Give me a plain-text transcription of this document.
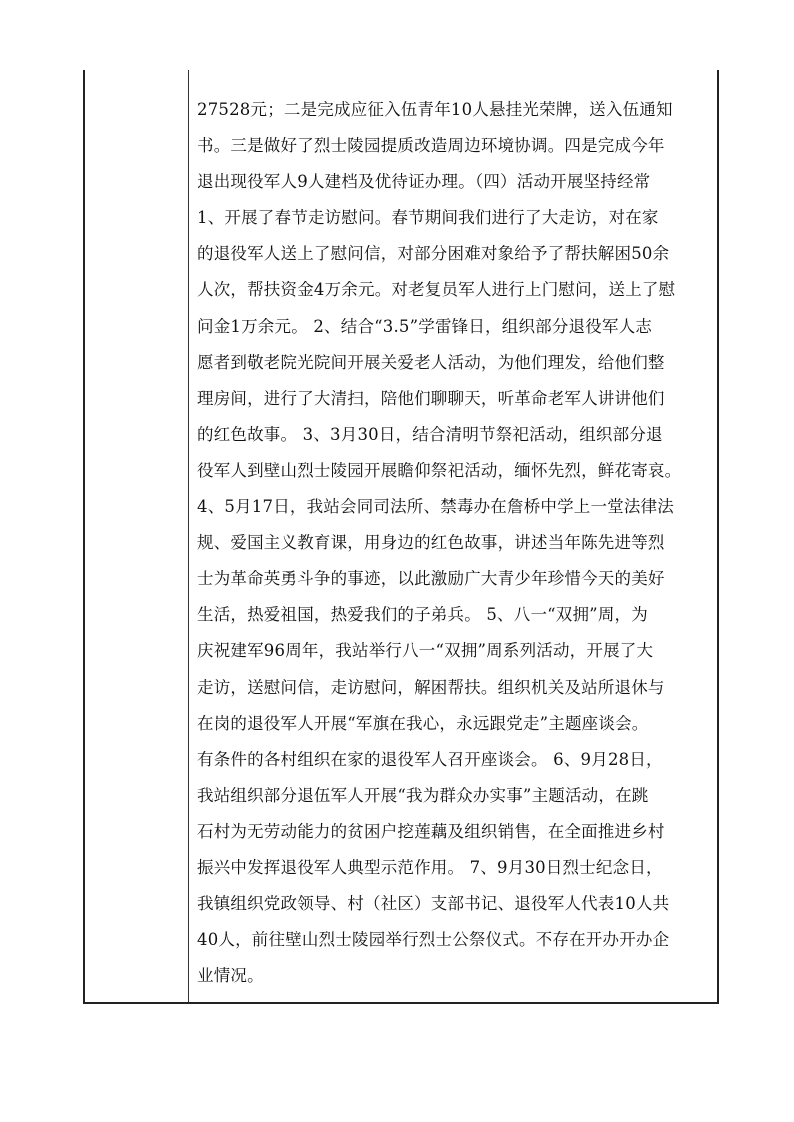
27528元；二是完成应征入伍青年10人悬挂光荣牌，送入伍通知
书。三是做好了烈士陵园提质改造周边环境协调。四是完成今年
退出现役军人9人建档及优待证办理。（四）活动开展坚持经常
1、开展了春节走访慰问。春节期间我们进行了大走访，对在家
的退役军人送上了慰问信，对部分困难对象给予了帮扶解困50余
人次，帮扶资金4万余元。对老复员军人进行上门慰问，送上了慰
问金1万余元。 2、结合“3.5”学雷锋日，组织部分退役军人志
愿者到敬老院光院间开展关爱老人活动，为他们理发，给他们整
理房间，进行了大清扫，陪他们聊聊天，听革命老军人讲讲他们
的红色故事。 3、3月30日，结合清明节祭祀活动，组织部分退
役军人到壁山烈士陵园开展瞻仰祭祀活动，缅怀先烈，鲜花寄哀。
4、5月17日，我站会同司法所、禁毒办在詹桥中学上一堂法律法
规、爱国主义教育课，用身边的红色故事，讲述当年陈先进等烈
士为革命英勇斗争的事迹，以此激励广大青少年珍惜今天的美好
生活，热爱祖国，热爱我们的子弟兵。 5、八一“双拥”周，为
庆祝建军96周年，我站举行八一“双拥”周系列活动，开展了大
走访，送慰问信，走访慰问，解困帮扶。组织机关及站所退休与
在岗的退役军人开展“军旗在我心，永远跟党走”主题座谈会。
有条件的各村组织在家的退役军人召开座谈会。 6、9月28日，
我站组织部分退伍军人开展“我为群众办实事”主题活动，在跳
石村为无劳动能力的贫困户挖莲藕及组织销售，在全面推进乡村
振兴中发挥退役军人典型示范作用。 7、9月30日烈士纪念日，
我镇组织党政领导、村（社区）支部书记、退役军人代表10人共
40人，前往壁山烈士陵园举行烈士公祭仪式。不存在开办开办企
业情况。
